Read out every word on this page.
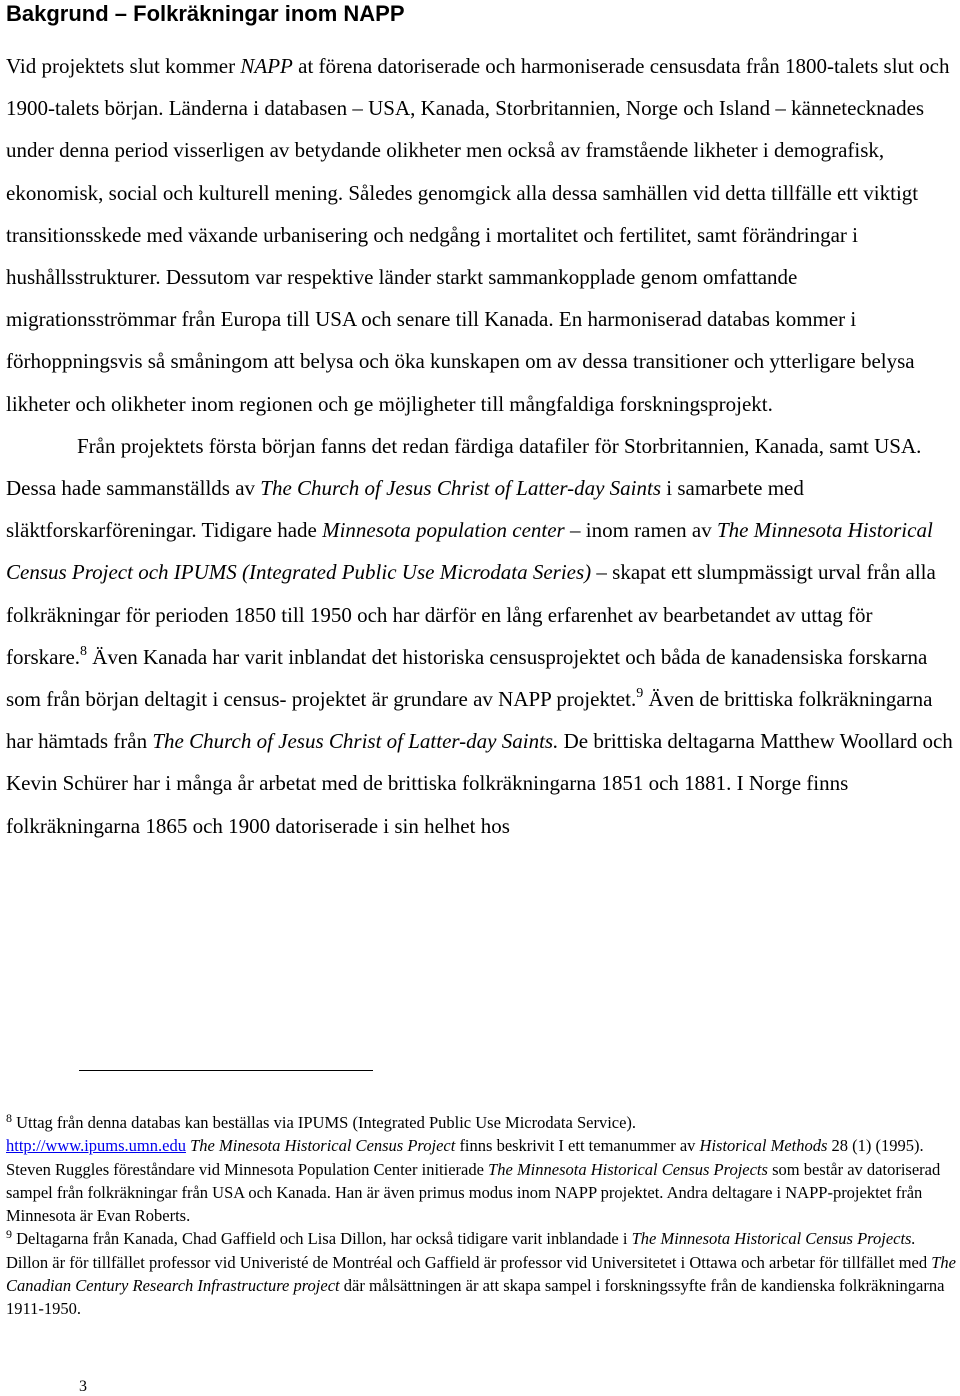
Bakgrund – Folkräkningar inom NAPP

Vid projektets slut kommer NAPP at förena datoriserade och harmoniserade censusdata från 1800-talets slut och 1900-talets början. Länderna i databasen – USA, Kanada, Storbritannien, Norge och Island – kännetecknades under denna period visserligen av betydande olikheter men också av framstående likheter i demografisk, ekonomisk, social och kulturell mening. Således genomgick alla dessa samhällen vid detta tillfälle ett viktigt transitionsskede med växande urbanisering och nedgång i mortalitet och fertilitet, samt förändringar i hushållsstrukturer. Dessutom var respektive länder starkt sammankopplade genom omfattande migrationsströmmar från Europa till USA och senare till Kanada. En harmoniserad databas kommer i förhoppningsvis så småningom att belysa och öka kunskapen om av dessa transitioner och ytterligare belysa likheter och olikheter inom regionen och ge möjligheter till mångfaldiga forskningsprojekt.

Från projektets första början fanns det redan färdiga datafiler för Storbritannien, Kanada, samt USA. Dessa hade sammanställds av The Church of Jesus Christ of Latter-day Saints i samarbete med släktforskarföreningar. Tidigare hade Minnesota population center – inom ramen av The Minnesota Historical Census Project och IPUMS (Integrated Public Use Microdata Series) – skapat ett slumpmässigt urval från alla folkräkningar för perioden 1850 till 1950 och har därför en lång erfarenhet av bearbetandet av uttag för forskare.$^8$ Även Kanada har varit inblandat det historiska censusprojektet och båda de kanadensiska forskarna som från början deltagit i census- projektet är grundare av NAPP projektet.$^9$ Även de brittiska folkräkningarna har hämtads från The Church of Jesus Christ of Latter-day Saints. De brittiska deltagarna Matthew Woollard och Kevin Schürer har i många år arbetat med de brittiska folkräkningarna 1851 och 1881. I Norge finns folkräkningarna 1865 och 1900 datoriserade i sin helhet hos

$^8$ Uttag från denna databas kan beställas via IPUMS (Integrated Public Use Microdata Service).
http://www.ipums.umn.edu The Minesota Historical Census Project finns beskrivit I ett temanummer av Historical Methods 28 (1) (1995). Steven Ruggles föreståndare vid Minnesota Population Center initierade The Minnesota Historical Census Projects som består av datoriserad sampel från folkräkningar från USA och Kanada. Han är även primus modus inom NAPP projektet. Andra deltagare i NAPP-projektet från Minnesota är Evan Roberts.

$^9$ Deltagarna från Kanada, Chad Gaffield och Lisa Dillon, har också tidigare varit inblandade i The Minnesota Historical Census Projects. Dillon är för tillfället professor vid Univeristé de Montréal och Gaffield är professor vid Universitetet i Ottawa och arbetar för tillfället med The Canadian Century Research Infrastructure project där målsättningen är att skapa sampel i forskningssyfte från de kandienska folkräkningarna 1911-1950.

3
